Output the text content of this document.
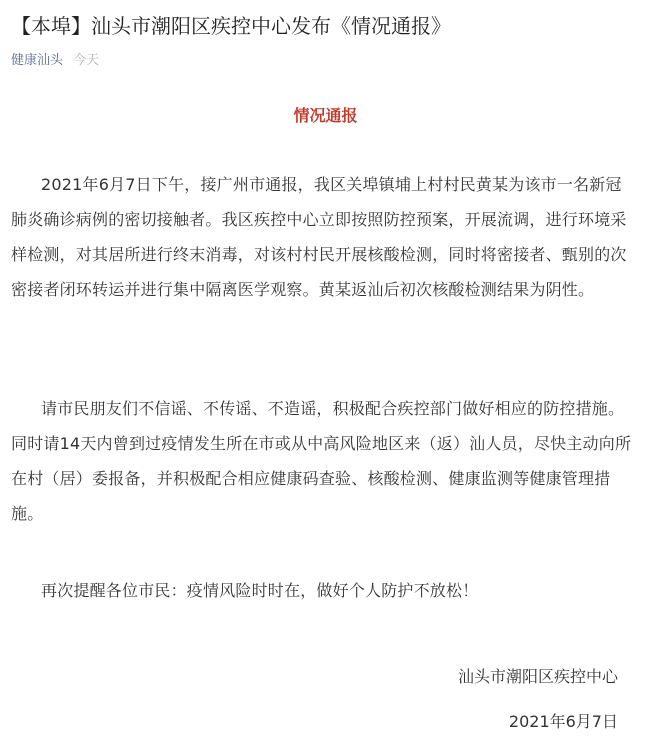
【本埠】汕头市潮阳区疾控中心发布《情况通报》
健康汕头 今天
情况通报

2021年6月7日下午，接广州市通报，我区关埠镇埔上村村民黄某为该市一名新冠肺炎确诊病例的密切接触者。我区疾控中心立即按照防控预案，开展流调，进行环境采样检测，对其居所进行终末消毒，对该村村民开展核酸检测，同时将密接者、甄别的次密接者闭环转运并进行集中隔离医学观察。黄某返汕后初次核酸检测结果为阴性。

请市民朋友们不信谣、不传谣、不造谣，积极配合疾控部门做好相应的防控措施。同时请14天内曾到过疫情发生所在市或从中高风险地区来（返）汕人员，尽快主动向所在村（居）委报备，并积极配合相应健康码查验、核酸检测、健康监测等健康管理措施。

再次提醒各位市民：疫情风险时时在，做好个人防护不放松！

汕头市潮阳区疾控中心
2021年6月7日
